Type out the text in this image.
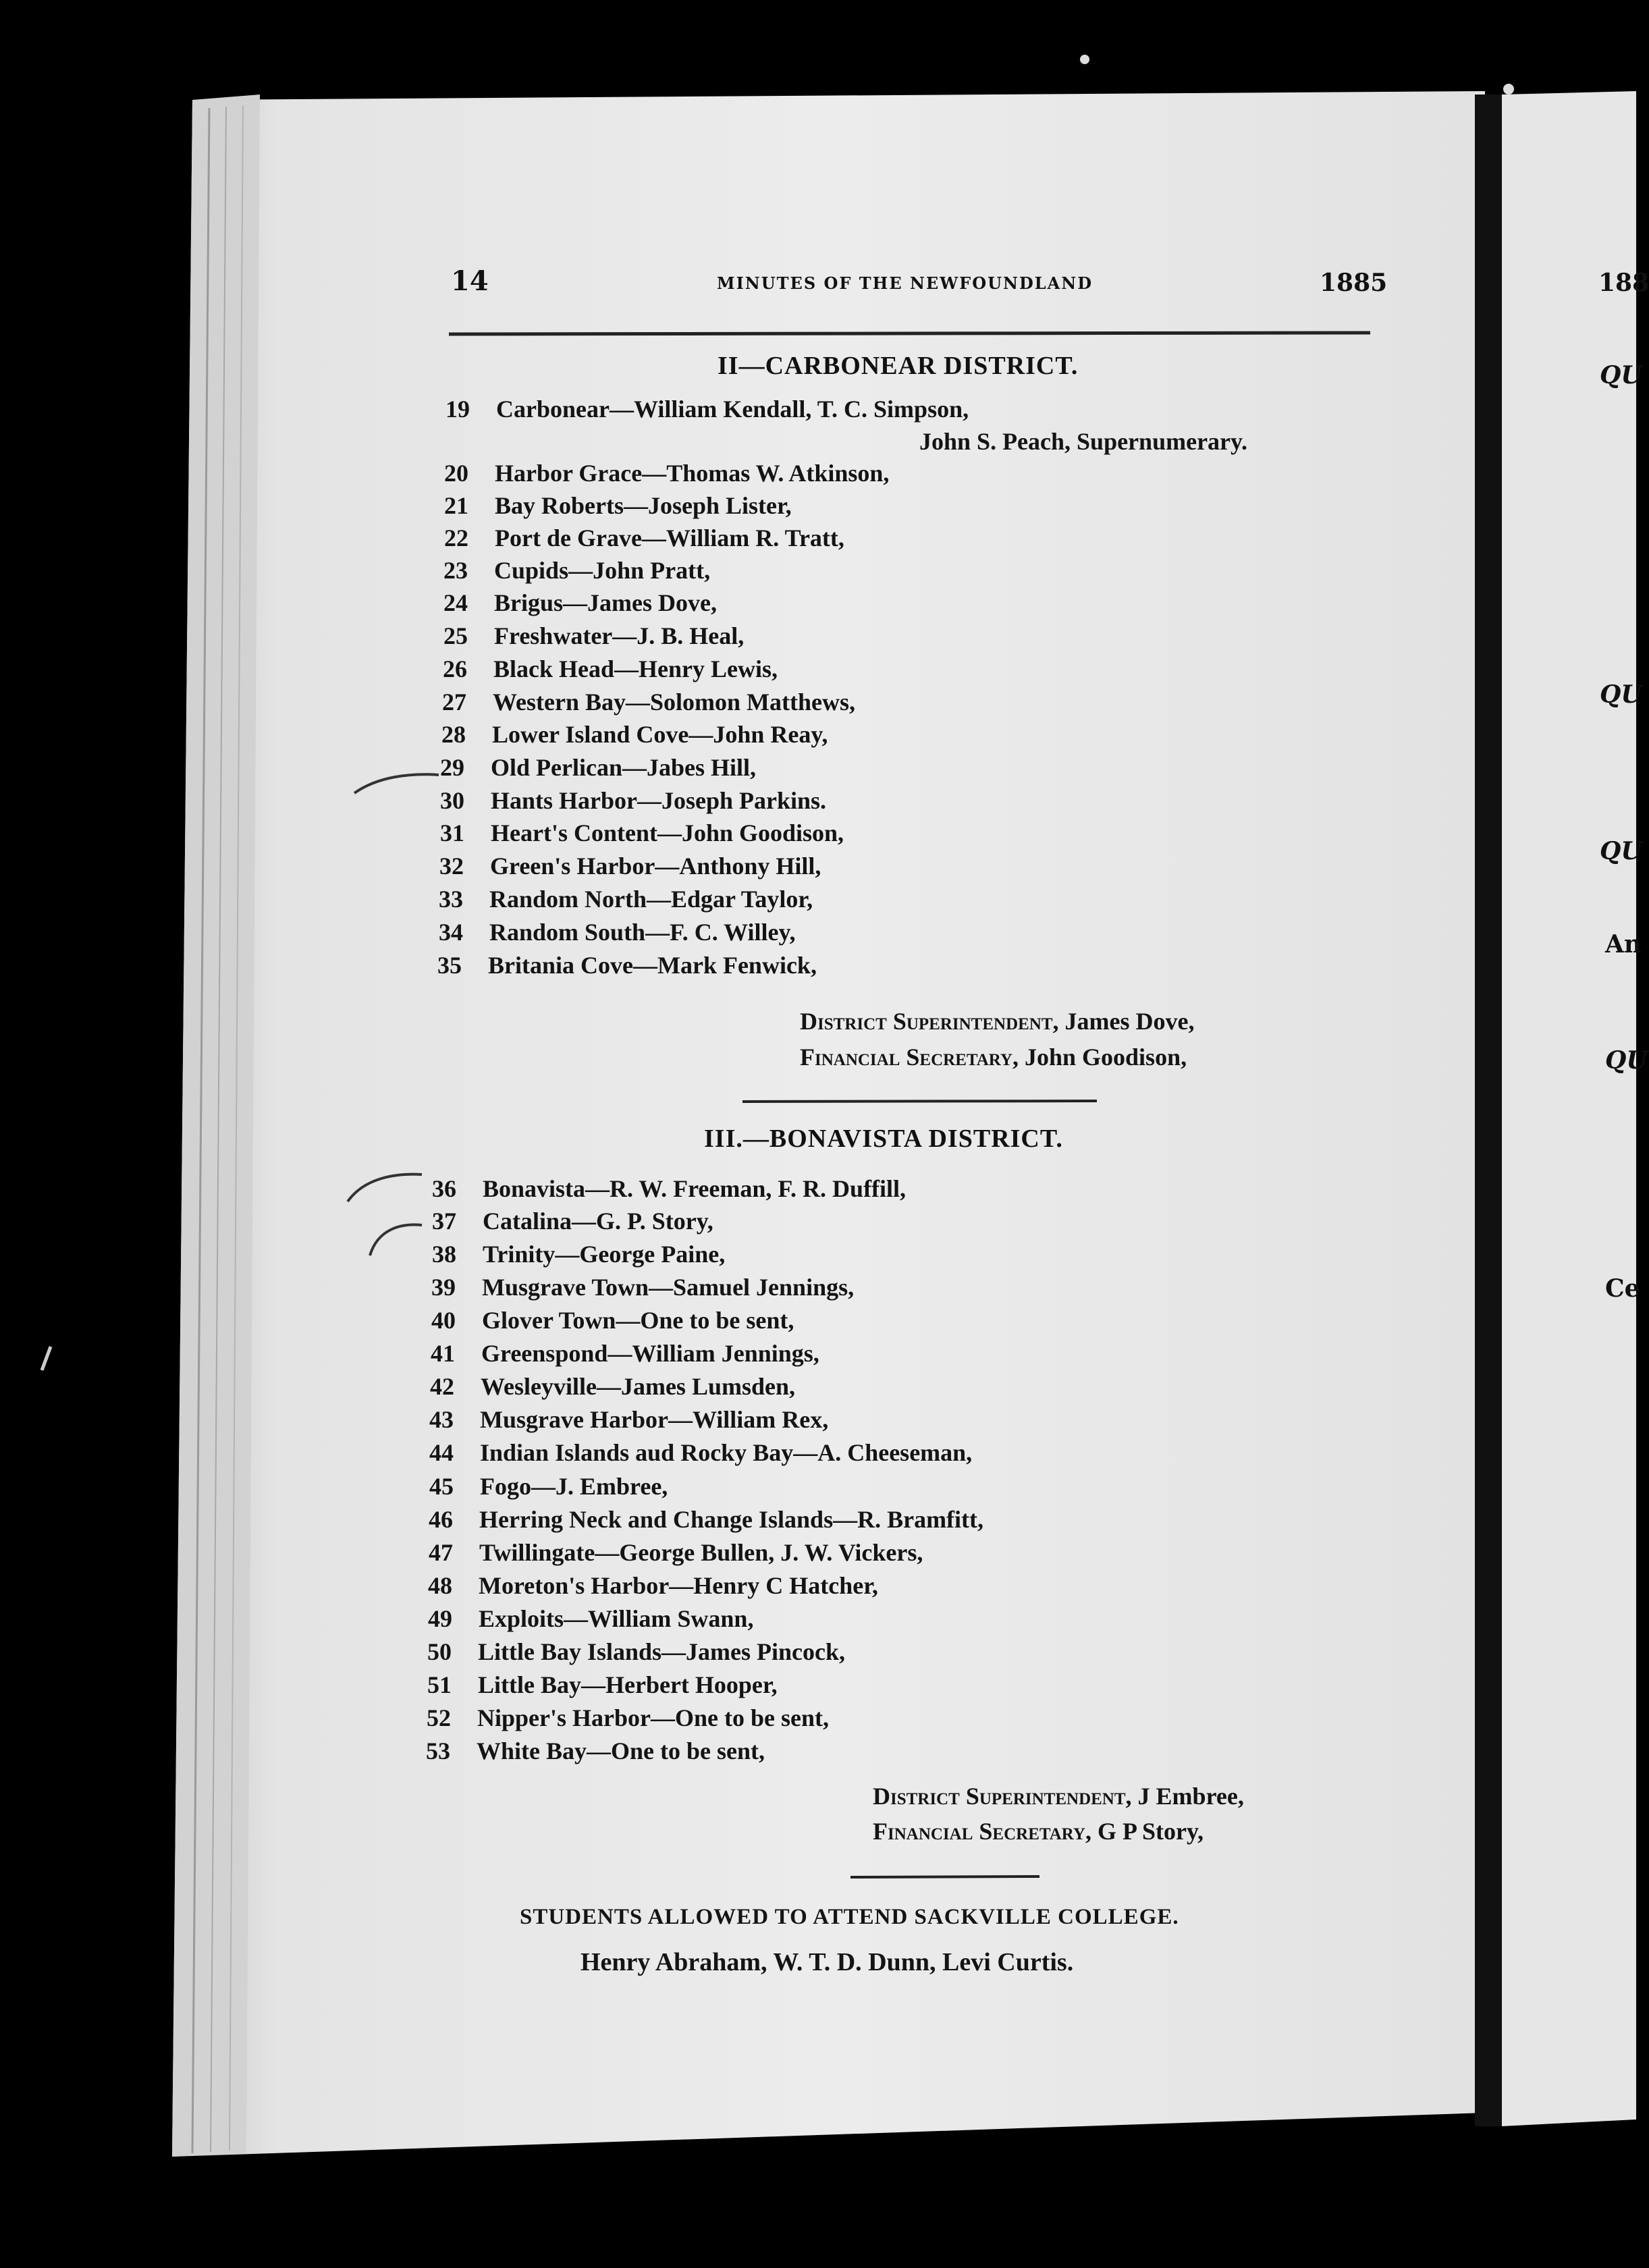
14	MINUTES OF THE NEWFOUNDLAND	1885	188
QU
QU
QU
An
QU
Ce
II—CARBONEAR DISTRICT.
19	Carbonear—William Kendall, T. C. Simpson,
John S. Peach, Supernumerary.
20	Harbor Grace—Thomas W. Atkinson,
21	Bay Roberts—Joseph Lister,
22	Port de Grave—William R. Tratt,
23	Cupids—John Pratt,
24	Brigus—James Dove,
25	Freshwater—J. B. Heal,
26	Black Head—Henry Lewis,
27	Western Bay—Solomon Matthews,
28	Lower Island Cove—John Reay,
29	Old Perlican—Jabes Hill,
30	Hants Harbor—Joseph Parkins.
31	Heart's Content—John Goodison,
32	Green's Harbor—Anthony Hill,
33	Random North—Edgar Taylor,
34	Random South—F. C. Willey,
35	Britania Cove—Mark Fenwick,
District Superintendent, James Dove,
Financial Secretary, John Goodison,
III.—BONAVISTA DISTRICT.
36	Bonavista—R. W. Freeman, F. R. Duffill,
37	Catalina—G. P. Story,
38	Trinity—George Paine,
39	Musgrave Town—Samuel Jennings,
40	Glover Town—One to be sent,
41	Greenspond—William Jennings,
42	Wesleyville—James Lumsden,
43	Musgrave Harbor—William Rex,
44	Indian Islands aud Rocky Bay—A. Cheeseman,
45	Fogo—J. Embree,
46	Herring Neck and Change Islands—R. Bramfitt,
47	Twillingate—George Bullen, J. W. Vickers,
48	Moreton's Harbor—Henry C Hatcher,
49	Exploits—William Swann,
50	Little Bay Islands—James Pincock,
51	Little Bay—Herbert Hooper,
52	Nipper's Harbor—One to be sent,
53	White Bay—One to be sent,
District Superintendent, J Embree,
Financial Secretary, G P Story,
STUDENTS ALLOWED TO ATTEND SACKVILLE COLLEGE.
Henry Abraham, W. T. D. Dunn, Levi Curtis.
